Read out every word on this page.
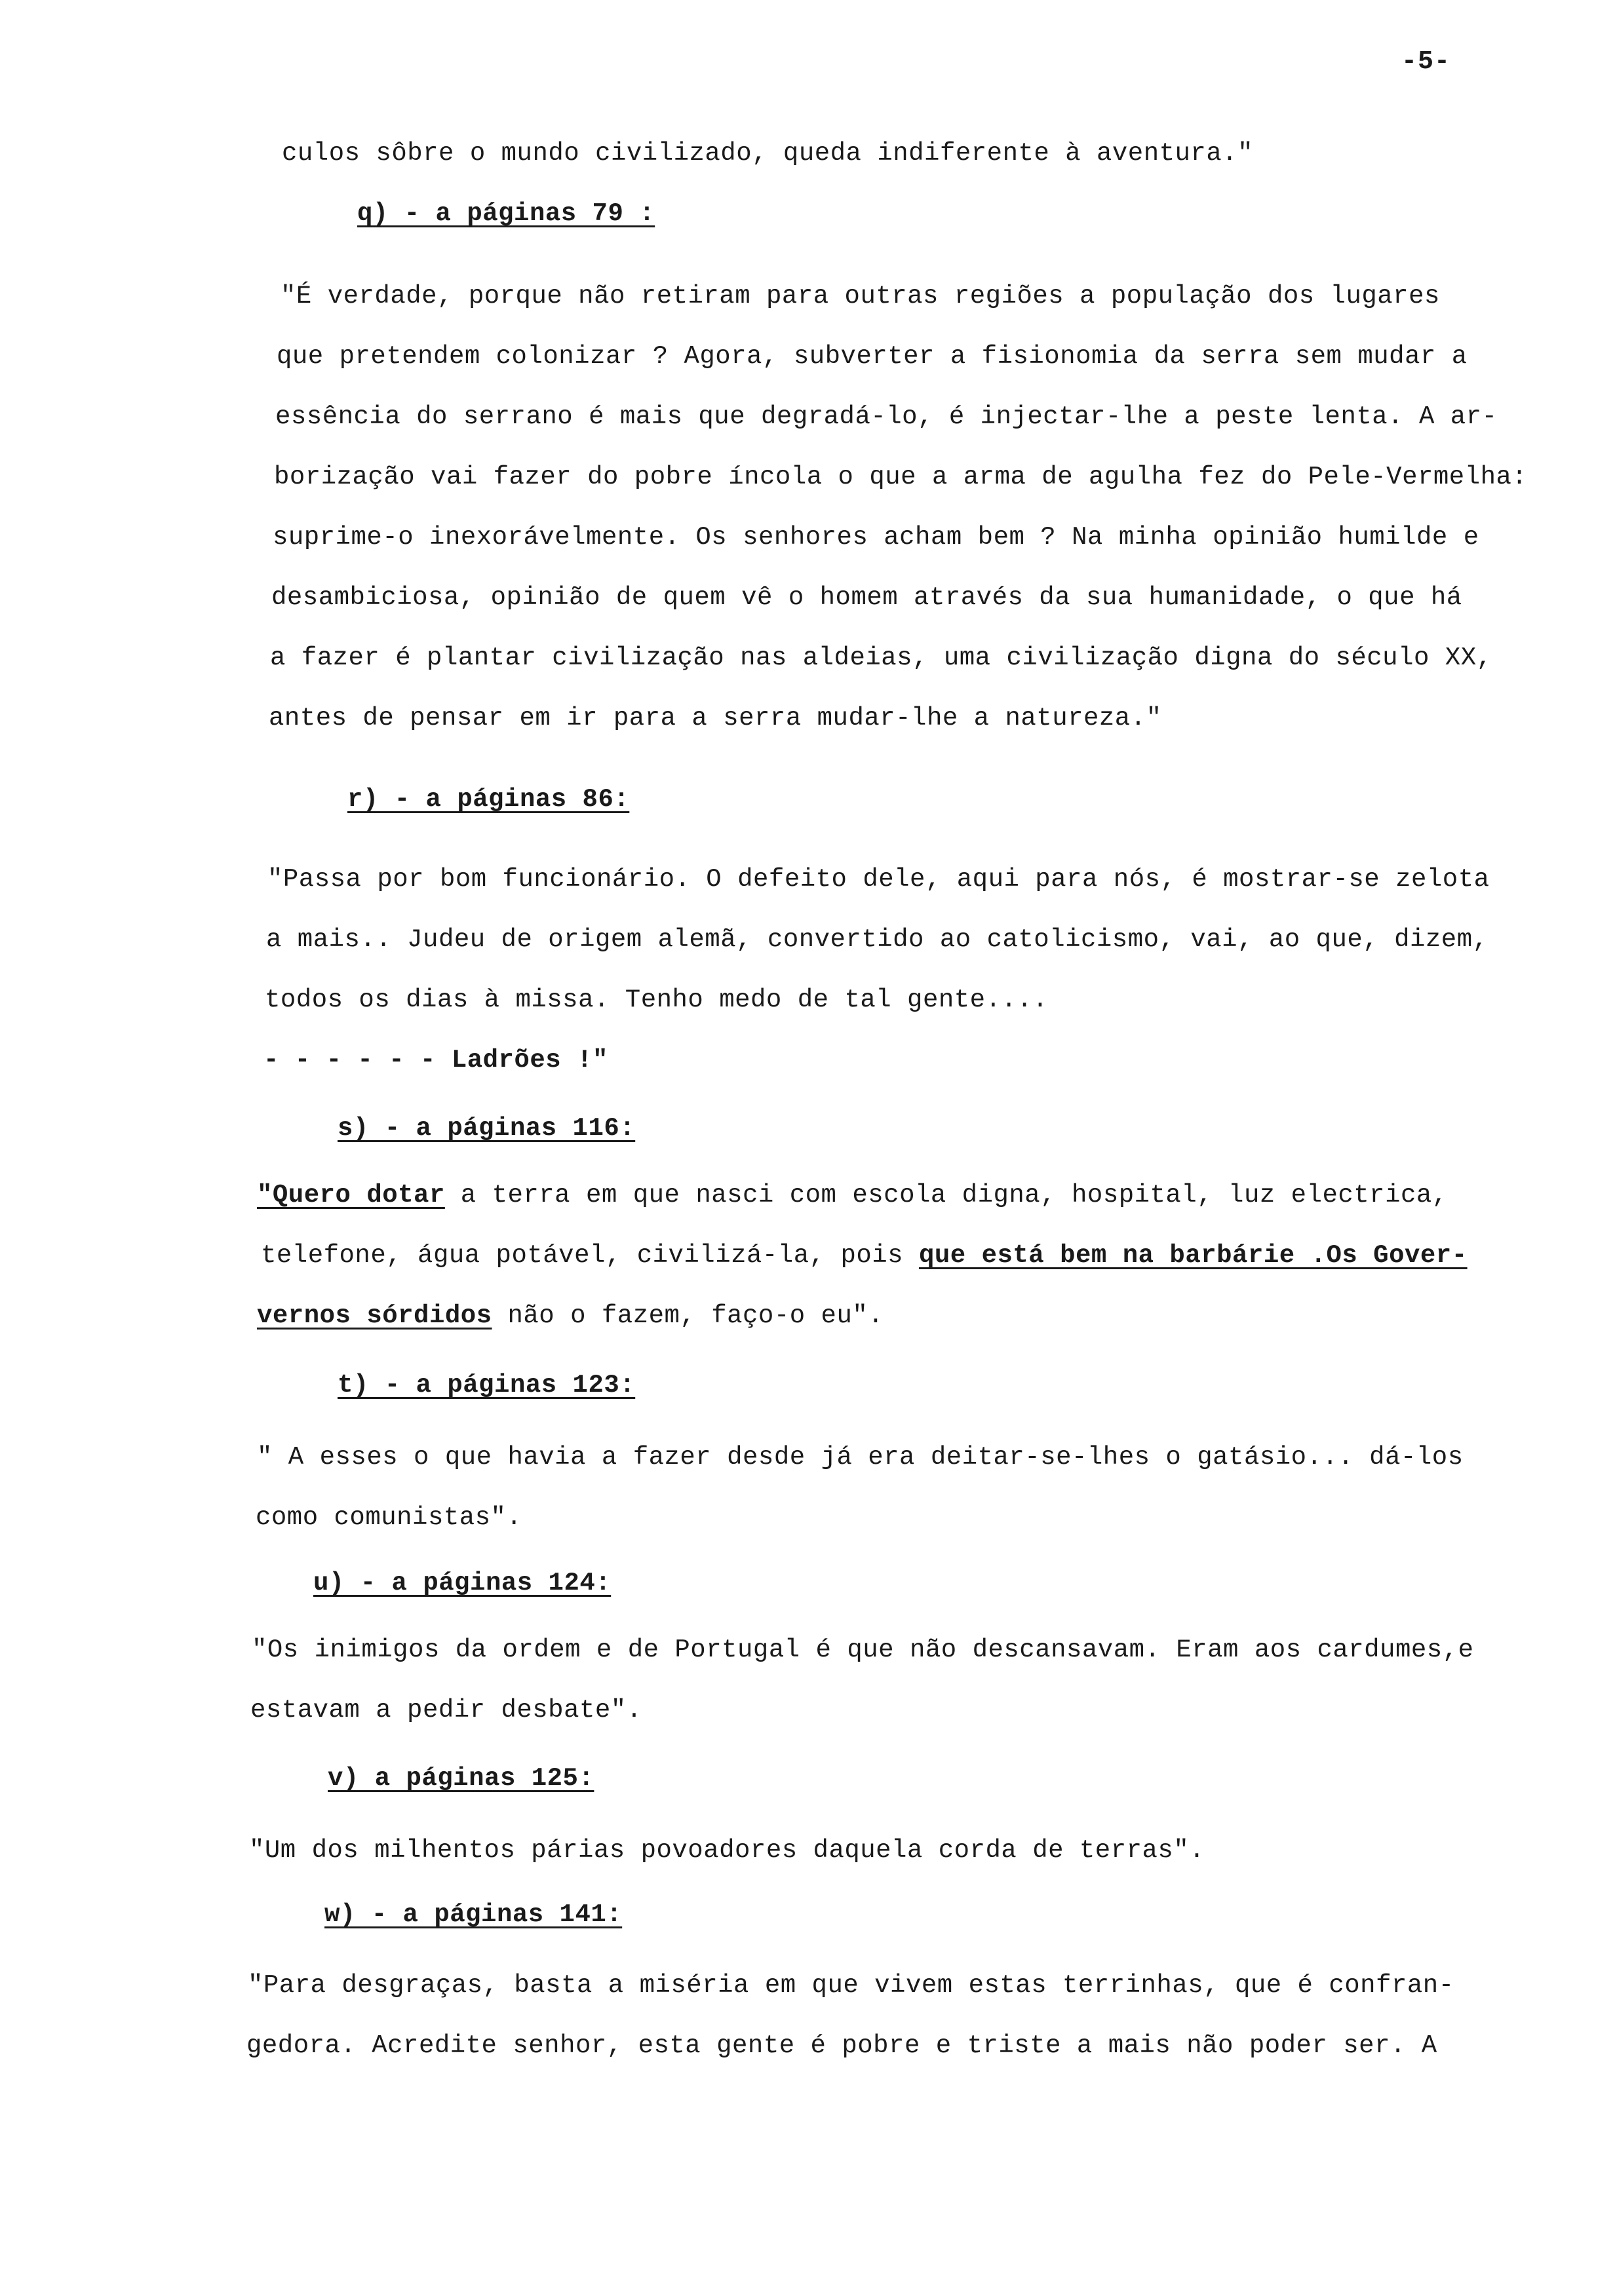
-5-
culos sôbre o mundo civilizado, queda indiferente à aventura."
q) - a páginas 79 :
"É verdade, porque não retiram para outras regiões a população dos lugares
que pretendem colonizar ? Agora, subverter a fisionomia da serra sem mudar a
essência do serrano é mais que degradá-lo, é injectar-lhe a peste lenta. A ar-
borização vai fazer do pobre íncola o que a arma de agulha fez do Pele-Vermelha:
suprime-o inexorávelmente. Os senhores acham bem ? Na minha opinião humilde e
desambiciosa, opinião de quem vê o homem através da sua humanidade, o que há
a fazer é plantar civilização nas aldeias, uma civilização digna do século XX,
antes de pensar em ir para a serra mudar-lhe a natureza."
r) - a páginas 86:
"Passa por bom funcionário. O defeito dele, aqui para nós, é mostrar-se zelota
a mais.. Judeu de origem alemã, convertido ao catolicismo, vai, ao que, dizem,
todos os dias à missa. Tenho medo de tal gente....
- - - - - - Ladrões !"
s) - a páginas 116:
"Quero dotar a terra em que nasci com escola digna, hospital, luz electrica,
telefone, água potável, civilizá-la, pois que está bem na barbárie .Os Gover-
vernos sórdidos não o fazem, faço-o eu".
t) - a páginas 123:
" A esses o que havia a fazer desde já era deitar-se-lhes o gatásio... dá-los
como comunistas".
u) - a páginas 124:
"Os inimigos da ordem e de Portugal é que não descansavam. Eram aos cardumes,e
estavam a pedir desbate".
v) a páginas 125:
"Um dos milhentos párias povoadores daquela corda de terras".
w) - a páginas 141:
"Para desgraças, basta a miséria em que vivem estas terrinhas, que é confran-
gedora. Acredite senhor, esta gente é pobre e triste a mais não poder ser. A
